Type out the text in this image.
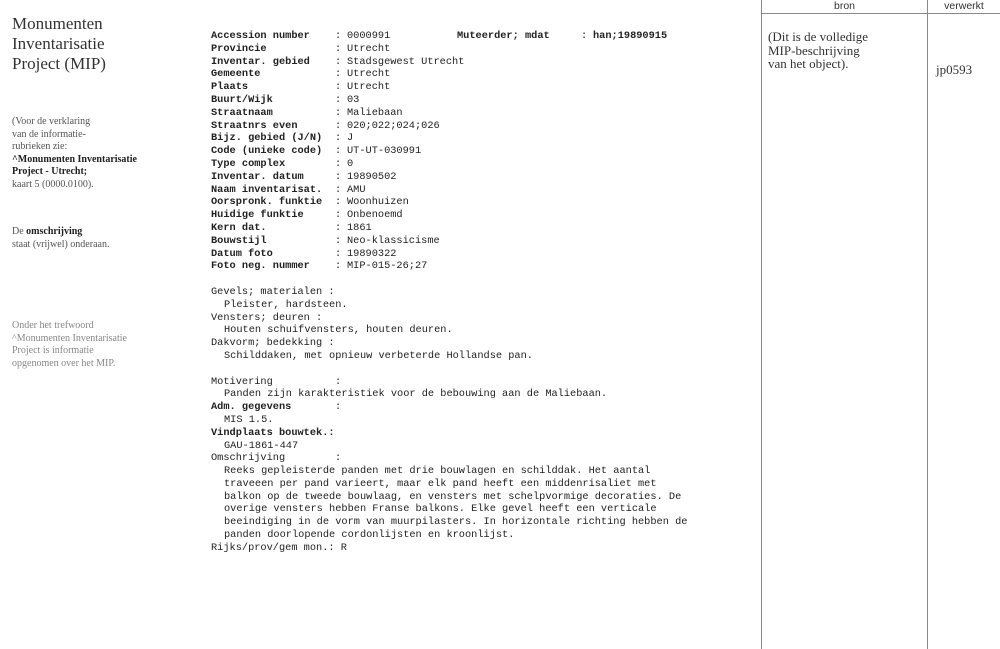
Monumenten
Inventarisatie
Project (MIP)
(Voor de verklaring
van de informatie-
rubrieken zie:
^Monumenten Inventarisatie
Project - Utrecht;
kaart 5 (0000.0100).
De omschrijving
staat (vrijwel) onderaan.
Onder het trefwoord
^Monumenten Inventarisatie
Project is informatie
opgenomen over het MIP.
Accession number	: 0000991	Muteerder; mdat	: han;19890915
Provincie	: Utrecht
Inventar. gebied	: Stadsgewest Utrecht
Gemeente	: Utrecht
Plaats	: Utrecht
Buurt/Wijk	: 03
Straatnaam	: Maliebaan
Straatnrs even	: 020;022;024;026
Bijz. gebied (J/N)	: J
Code (unieke code)	: UT-UT-030991
Type complex	: 0
Inventar. datum	: 19890502
Naam inventarisat.	: AMU
Oorspronk. funktie	: Woonhuizen
Huidige funktie	: Onbenoemd
Kern dat.	: 1861
Bouwstijl	: Neo-klassicisme
Datum foto	: 19890322
Foto neg. nummer	: MIP-015-26;27
Gevels; materialen :
Pleister, hardsteen.
Vensters; deuren :
Houten schuifvensters, houten deuren.
Dakvorm; bedekking :
Schilddaken, met opnieuw verbeterde Hollandse pan.
Motivering	:
Panden zijn karakteristiek voor de bebouwing aan de Maliebaan.
Adm. gegevens	:
MIS 1.5.
Vindplaats bouwtek.:
GAU-1861-447
Omschrijving	:
Reeks gepleisterde panden met drie bouwlagen en schilddak. Het aantal
traveeen per pand varieert, maar elk pand heeft een middenrisaliet met
balkon op de tweede bouwlaag, en vensters met schelpvormige decoraties. De
overige vensters hebben Franse balkons. Elke gevel heeft een verticale
beeindiging in de vorm van muurpilasters. In horizontale richting hebben de
panden doorlopende cordonlijsten en kroonlijst.
Rijks/prov/gem mon.: R
bron	verwerkt
(Dit is de volledige
MIP-beschrijving
van het object).	jp0593
